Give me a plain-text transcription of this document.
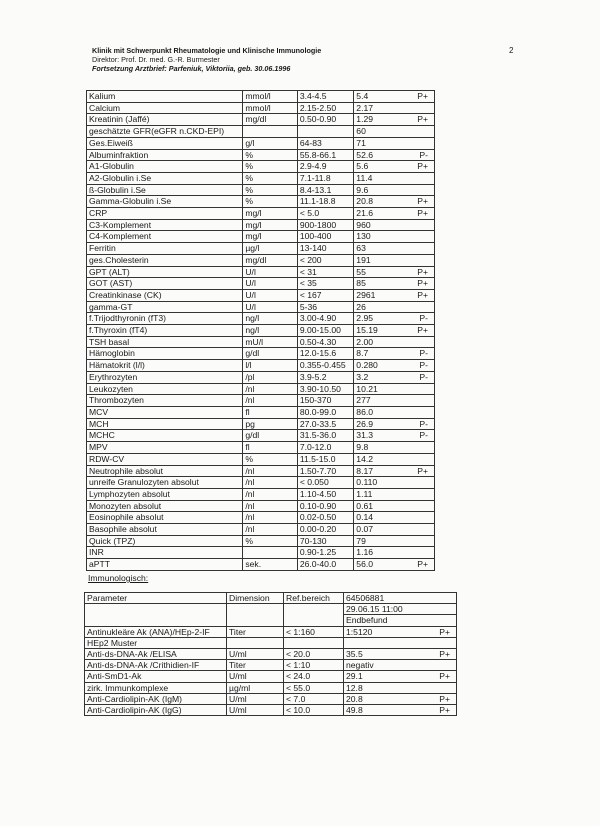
Klinik mit Schwerpunkt Rheumatologie und Klinische Immunologie
Direktor: Prof. Dr. med. G.-R. Burmester
Fortsetzung Arztbrief: Parfeniuk, Viktoriia, geb. 30.06.1996
2
Kalium	mmol/l	3.4-4.5	5.4 P+

Calcium	mmol/l	2.15-2.50	2.17

Kreatinin (Jaffé)	mg/dl	0.50-0.90	1.29 P+

geschätzte GFR(eGFR n.CKD-EPI)			60

Ges.Eiweiß	g/l	64-83	71

Albuminfraktion	%	55.8-66.1	52.6 P-

A1-Globulin	%	2.9-4.9	5.6 P+

A2-Globulin i.Se	%	7.1-11.8	11.4

ß-Globulin i.Se	%	8.4-13.1	9.6

Gamma-Globulin i.Se	%	11.1-18.8	20.8 P+

CRP	mg/l	< 5.0	21.6 P+

C3-Komplement	mg/l	900-1800	960

C4-Komplement	mg/l	100-400	130

Ferritin	µg/l	13-140	63

ges.Cholesterin	mg/dl	< 200	191

GPT (ALT)	U/l	< 31	55 P+

GOT (AST)	U/l	< 35	85 P+

Creatinkinase (CK)	U/l	< 167	2961 P+

gamma-GT	U/l	5-36	26

f.Trijodthyronin (fT3)	ng/l	3.00-4.90	2.95 P-

f.Thyroxin (fT4)	ng/l	9.00-15.00	15.19 P+

TSH basal	mU/l	0.50-4.30	2.00

Hämoglobin	g/dl	12.0-15.6	8.7 P-

Hämatokrit (l/l)	l/l	0.355-0.455	0.280 P-

Erythrozyten	/pl	3.9-5.2	3.2 P-

Leukozyten	/nl	3.90-10.50	10.21

Thrombozyten	/nl	150-370	277

MCV	fl	80.0-99.0	86.0

MCH	pg	27.0-33.5	26.9 P-

MCHC	g/dl	31.5-36.0	31.3 P-

MPV	fl	7.0-12.0	9.8

RDW-CV	%	11.5-15.0	14.2

Neutrophile absolut	/nl	1.50-7.70	8.17 P+

unreife Granulozyten absolut	/nl	< 0.050	0.110

Lymphozyten absolut	/nl	1.10-4.50	1.11

Monozyten absolut	/nl	0.10-0.90	0.61

Eosinophile absolut	/nl	0.02-0.50	0.14

Basophile absolut	/nl	0.00-0.20	0.07

Quick (TPZ)	%	70-130	79

INR		0.90-1.25	1.16

aPTT	sek.	26.0-40.0	56.0 P+
Immunologisch:
Parameter	Dimension	Ref.bereich	64506881
			29.06.15 11:00
			Endbefund
Antinukleäre Ak (ANA)/HEp-2-IF	Titer	< 1:160	1:5120 P+

HEp2 Muster			

Anti-ds-DNA-Ak /ELISA	U/ml	< 20.0	35.5 P+

Anti-ds-DNA-Ak /Crithidien-IF	Titer	< 1:10	negativ

Anti-SmD1-Ak	U/ml	< 24.0	29.1 P+

zirk. Immunkomplexe	µg/ml	< 55.0	12.8

Anti-Cardiolipin-AK (IgM)	U/ml	< 7.0	20.8 P+

Anti-Cardiolipin-AK (IgG)	U/ml	< 10.0	49.8 P+
